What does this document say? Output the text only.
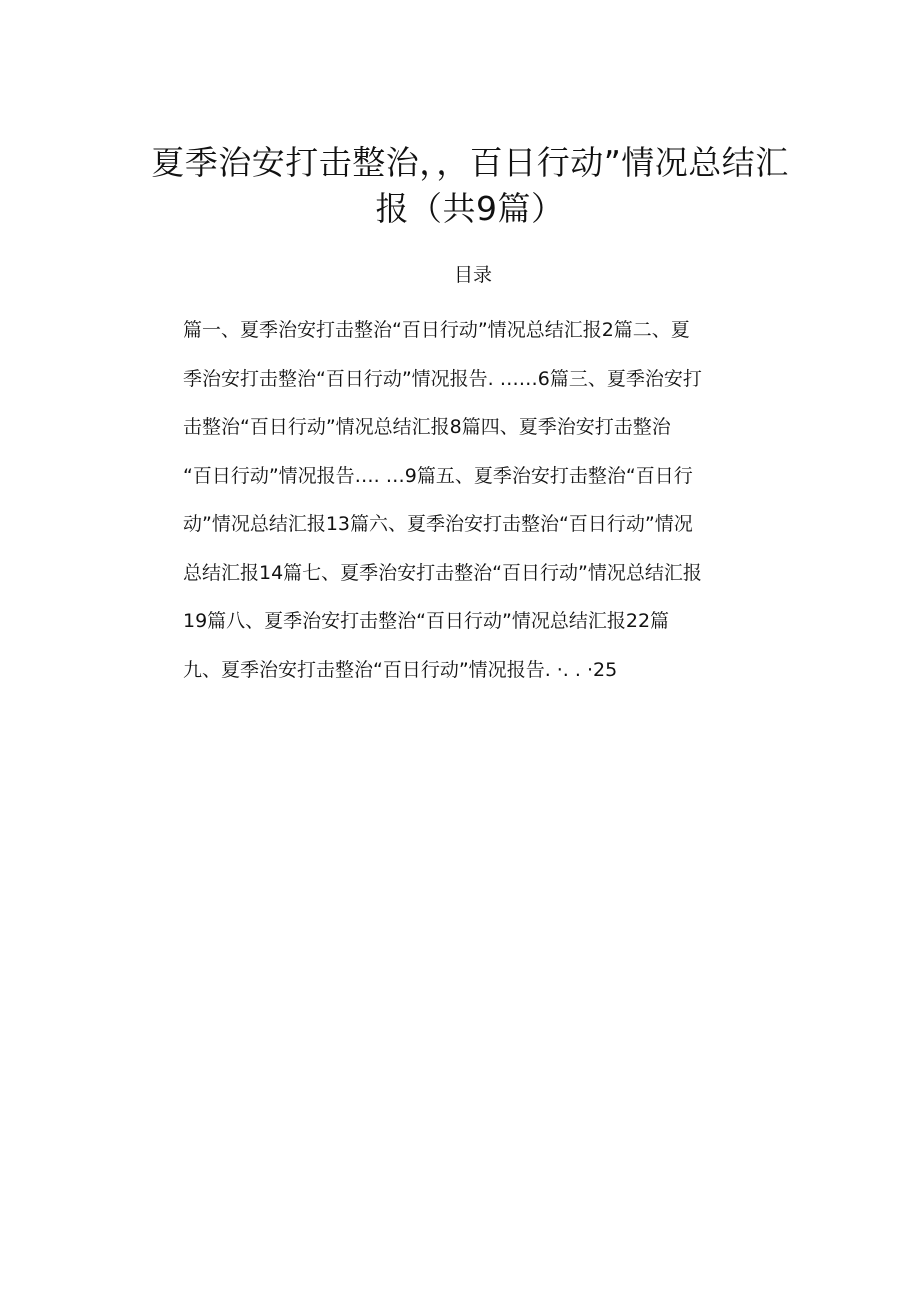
夏季治安打击整治，，百日行动”情况总结汇
报（共9篇）
目录
篇一、夏季治安打击整治“百日行动”情况总结汇报2篇二、夏
季治安打击整治“百日行动”情况报告. ……6篇三、夏季治安打
击整治“百日行动”情况总结汇报8篇四、夏季治安打击整治
“百日行动”情况报告…. …9篇五、夏季治安打击整治“百日行
动”情况总结汇报13篇六、夏季治安打击整治“百日行动”情况
总结汇报14篇七、夏季治安打击整治“百日行动”情况总结汇报
19篇八、夏季治安打击整治“百日行动”情况总结汇报22篇
九、夏季治安打击整治“百日行动”情况报告. ·. . ·25
